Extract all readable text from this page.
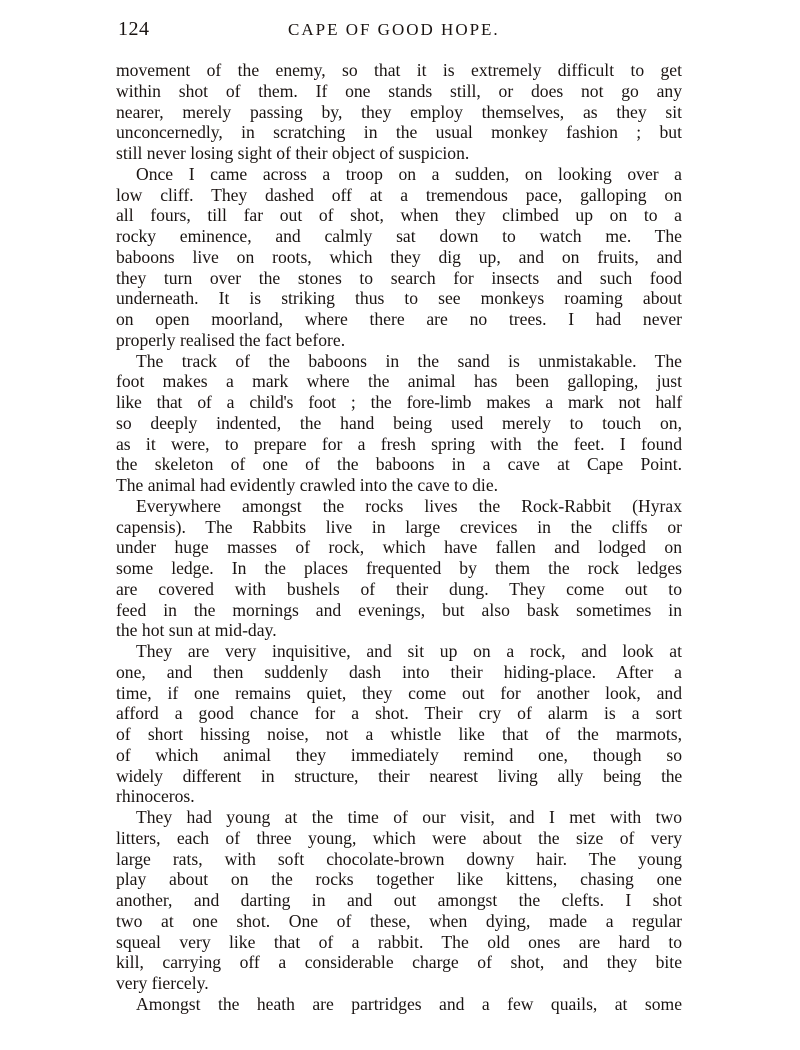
124	CAPE OF GOOD HOPE.
movement of the enemy, so that it is extremely difficult to get
within shot of them. If one stands still, or does not go any
nearer, merely passing by, they employ themselves, as they sit
unconcernedly, in scratching in the usual monkey fashion ; but
still never losing sight of their object of suspicion.
Once I came across a troop on a sudden, on looking over a
low cliff. They dashed off at a tremendous pace, galloping on
all fours, till far out of shot, when they climbed up on to a
rocky eminence, and calmly sat down to watch me. The
baboons live on roots, which they dig up, and on fruits, and
they turn over the stones to search for insects and such food
underneath. It is striking thus to see monkeys roaming about
on open moorland, where there are no trees. I had never
properly realised the fact before.
The track of the baboons in the sand is unmistakable. The
foot makes a mark where the animal has been galloping, just
like that of a child's foot ; the fore-limb makes a mark not half
so deeply indented, the hand being used merely to touch on,
as it were, to prepare for a fresh spring with the feet. I found
the skeleton of one of the baboons in a cave at Cape Point.
The animal had evidently crawled into the cave to die.
Everywhere amongst the rocks lives the Rock-Rabbit (Hyrax
capensis). The Rabbits live in large crevices in the cliffs or
under huge masses of rock, which have fallen and lodged on
some ledge. In the places frequented by them the rock ledges
are covered with bushels of their dung. They come out to
feed in the mornings and evenings, but also bask sometimes in
the hot sun at mid-day.
They are very inquisitive, and sit up on a rock, and look at
one, and then suddenly dash into their hiding-place. After a
time, if one remains quiet, they come out for another look, and
afford a good chance for a shot. Their cry of alarm is a sort
of short hissing noise, not a whistle like that of the marmots,
of which animal they immediately remind one, though so
widely different in structure, their nearest living ally being the
rhinoceros.
They had young at the time of our visit, and I met with two
litters, each of three young, which were about the size of very
large rats, with soft chocolate-brown downy hair. The young
play about on the rocks together like kittens, chasing one
another, and darting in and out amongst the clefts. I shot
two at one shot. One of these, when dying, made a regular
squeal very like that of a rabbit. The old ones are hard to
kill, carrying off a considerable charge of shot, and they bite
very fiercely.
Amongst the heath are partridges and a few quails, at some
